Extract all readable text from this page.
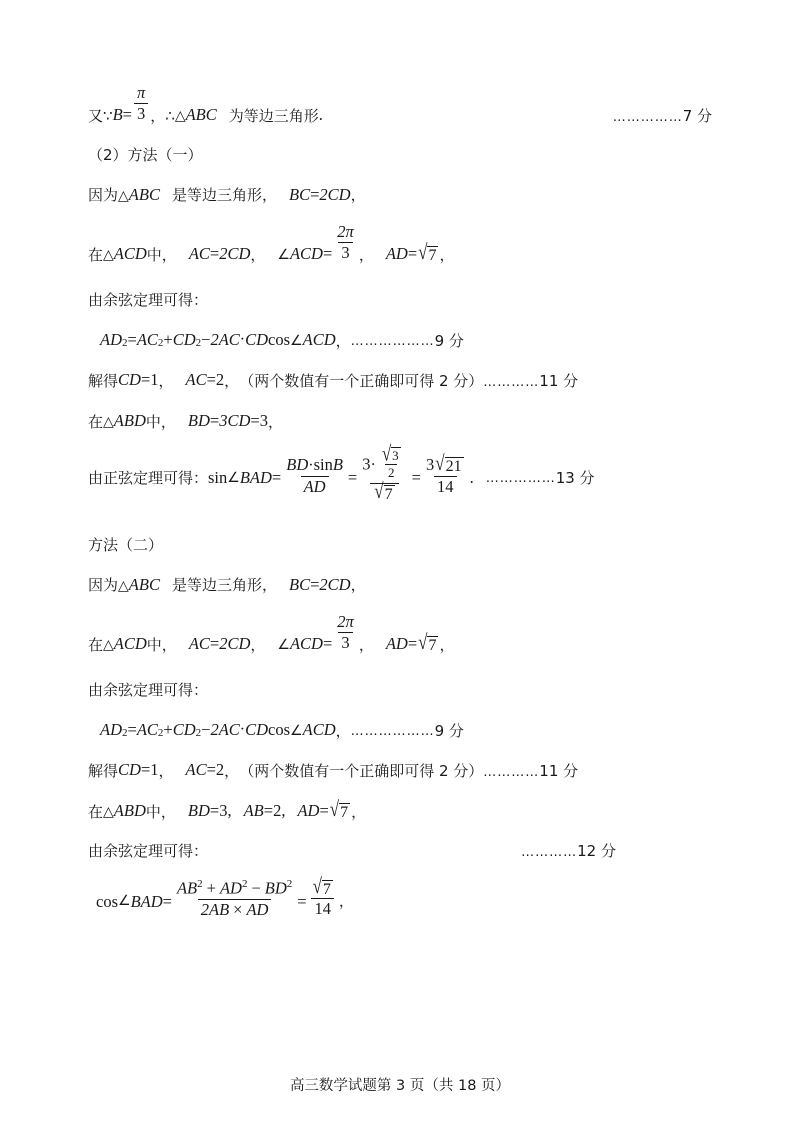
又 ∵ $B = \frac{\pi}{3}$ ， ∴ △ ABC 为等边三角形 .	…………… 7 分
（2）方法（一）
因为 △ ABC 是等边三角形， BC = 2CD ，
在 △ ACD 中， AC = 2CD ， ∠ ACD = $\frac{2\pi}{3}$ ， AD = √ 7 ，
由余弦定理可得：
$AD_2 = AC_2 + CD_2 - 2AC$ · CD cos ∠ ACD ， ……………… 9 分
解得 CD = 1 ， AC = 2 ， （两个数值有一个正确即可得 2 分） ………… 11 分
在 △ ABD 中， BD = 3CD = 3 ，
由正弦定理可得： sin ∠ BAD = $\frac{BD\cdot\sin B}{AD} = \frac{3\cdot \frac{√ 3}{2}}{√ 7} = \frac{3 √ 21}{14}$ . …………… 13 分
方法（二）
因为 △ ABC 是等边三角形， BC = 2CD ，
在 △ ACD 中， AC = 2CD ， ∠ ACD = $\frac{2\pi}{3}$ ， AD = √ 7 ，
由余弦定理可得：
$AD_2 = AC_2 + CD_2 - 2AC$ · CD cos ∠ ACD ， ……………… 9 分
解得 CD = 1 ， AC = 2 ， （两个数值有一个正确即可得 2 分） ………… 11 分
在 △ ABD 中， BD = 3, AB = 2, AD = √ 7 ，
由余弦定理可得：	………… 12 分
cos ∠ BAD = $\frac{AB^2 + AD^2 - BD^2}{2AB \times AD} = \frac{√ 7}{14}$ ，
高三数学试题第 3 页（共 18 页）
